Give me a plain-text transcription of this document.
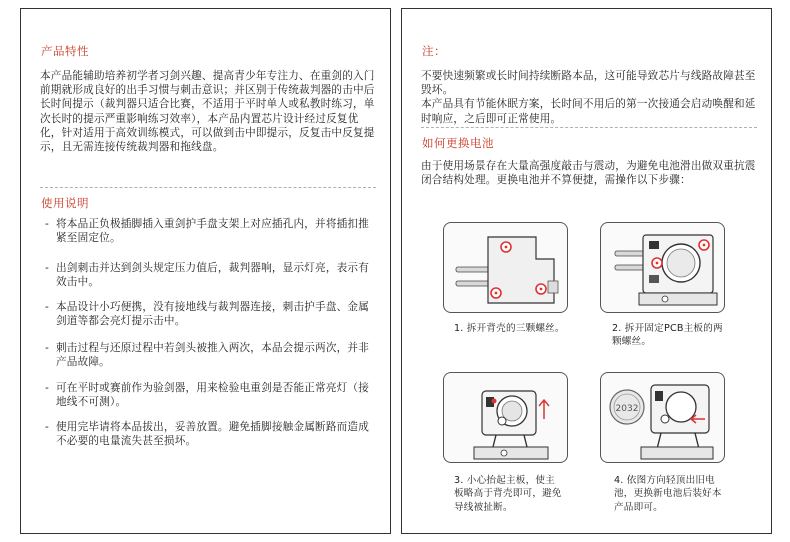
产品特性
本产品能辅助培养初学者习剑兴趣、提高青少年专注力、在重剑的入门前期就形成良好的出手习惯与刺击意识；并区别于传统裁判器的击中后长时间提示（裁判器只适合比赛，不适用于平时单人或私教时练习，单次长时的提示严重影响练习效率），本产品内置芯片设计经过反复优化，针对适用于高效训练模式，可以做到击中即提示，反复击中反复提示，且无需连接传统裁判器和拖线盘。
使用说明
- 将本品正负极插脚插入重剑护手盘支架上对应插孔内，并将插扣推紧至固定位。
- 出剑刺击并达到剑头规定压力值后，裁判器响，显示灯亮，表示有效击中。
- 本品设计小巧便携，没有接地线与裁判器连接，刺击护手盘、金属剑道等都会亮灯提示击中。
- 刺击过程与还原过程中若剑头被推入两次，本品会提示两次，并非产品故障。
- 可在平时或赛前作为验剑器，用来检验电重剑是否能正常亮灯（接地线不可测）。
- 使用完毕请将本品拔出，妥善放置。避免插脚接触金属断路而造成不必要的电量流失甚至损坏。
注：
不要快速频繁或长时间持续断路本品，这可能导致芯片与线路故障甚至毁坏。
本产品具有节能休眠方案，长时间不用后的第一次接通会启动唤醒和延时响应，之后即可正常使用。
如何更换电池
由于使用场景存在大量高强度敲击与震动，为避免电池滑出做双重抗震闭合结构处理。更换电池并不算便捷，需操作以下步骤：
1. 拆开背壳的三颗螺丝。	2. 拆开固定PCB主板的两颗螺丝。
3. 小心抬起主板，使主板略高于背壳即可，避免导线被扯断。
2032
4. 依图方向轻顶出旧电池，更换新电池后装好本产品即可。
